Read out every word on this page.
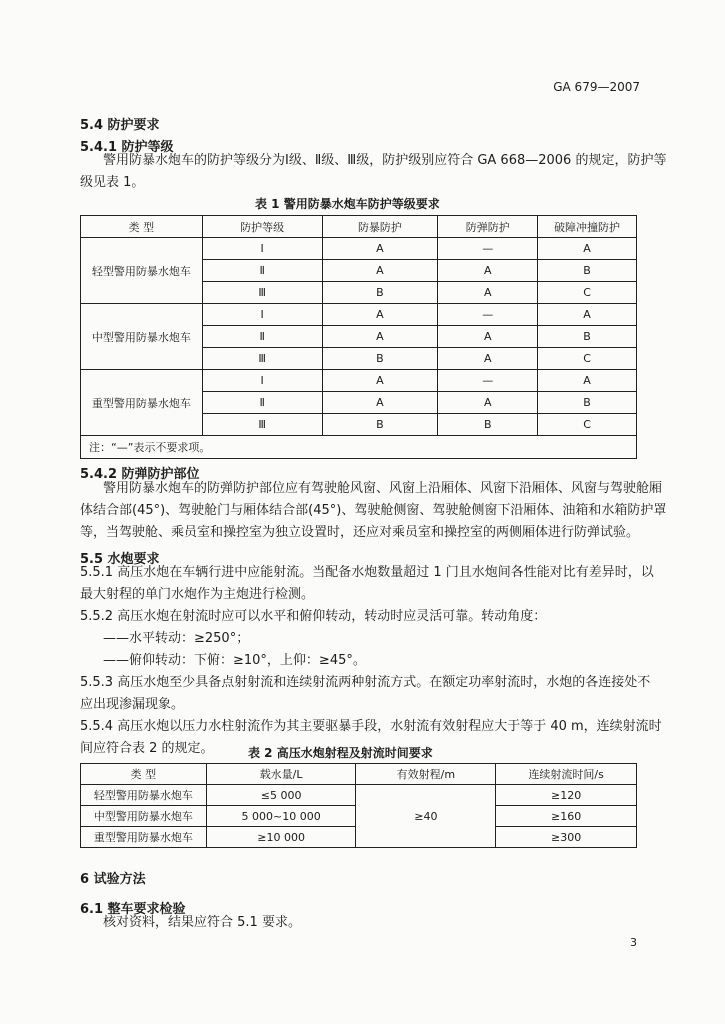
GA 679—2007
5.4 防护要求
5.4.1 防护等级
警用防暴水炮车的防护等级分为Ⅰ级、Ⅱ级、Ⅲ级，防护级别应符合 GA 668—2006 的规定，防护等
级见表 1。
表 1 警用防暴水炮车防护等级要求
类 型	防护等级	防暴防护	防弹防护	破障冲撞防护
轻型警用防暴水炮车	Ⅰ	A	—	A
	Ⅱ	A	A	B
	Ⅲ	B	A	C
中型警用防暴水炮车	Ⅰ	A	—	A
	Ⅱ	A	A	B
	Ⅲ	B	A	C
重型警用防暴水炮车	Ⅰ	A	—	A
	Ⅱ	A	A	B
	Ⅲ	B	B	C
注：“—”表示不要求项。				
5.4.2 防弹防护部位
警用防暴水炮车的防弹防护部位应有驾驶舱风窗、风窗上沿厢体、风窗下沿厢体、风窗与驾驶舱厢
体结合部(45°)、驾驶舱门与厢体结合部(45°)、驾驶舱侧窗、驾驶舱侧窗下沿厢体、油箱和水箱防护罩
等，当驾驶舱、乘员室和操控室为独立设置时，还应对乘员室和操控室的两侧厢体进行防弹试验。
5.5 水炮要求
5.5.1 高压水炮在车辆行进中应能射流。当配备水炮数量超过 1 门且水炮间各性能对比有差异时，以
最大射程的单门水炮作为主炮进行检测。
5.5.2 高压水炮在射流时应可以水平和俯仰转动，转动时应灵活可靠。转动角度：
——水平转动：≥250°；
——俯仰转动：下俯：≥10°，上仰：≥45°。
5.5.3 高压水炮至少具备点射射流和连续射流两种射流方式。在额定功率射流时，水炮的各连接处不
应出现渗漏现象。
5.5.4 高压水炮以压力水柱射流作为其主要驱暴手段，水射流有效射程应大于等于 40 m，连续射流时
间应符合表 2 的规定。	表 2 高压水炮射程及射流时间要求
类 型	载水量/L	有效射程/m	连续射流时间/s
轻型警用防暴水炮车	≤5 000	≥40	≥120
中型警用防暴水炮车	5 000~10 000		≥160
重型警用防暴水炮车	≥10 000		≥300
6 试验方法
6.1 整车要求检验
核对资料，结果应符合 5.1 要求。
3
